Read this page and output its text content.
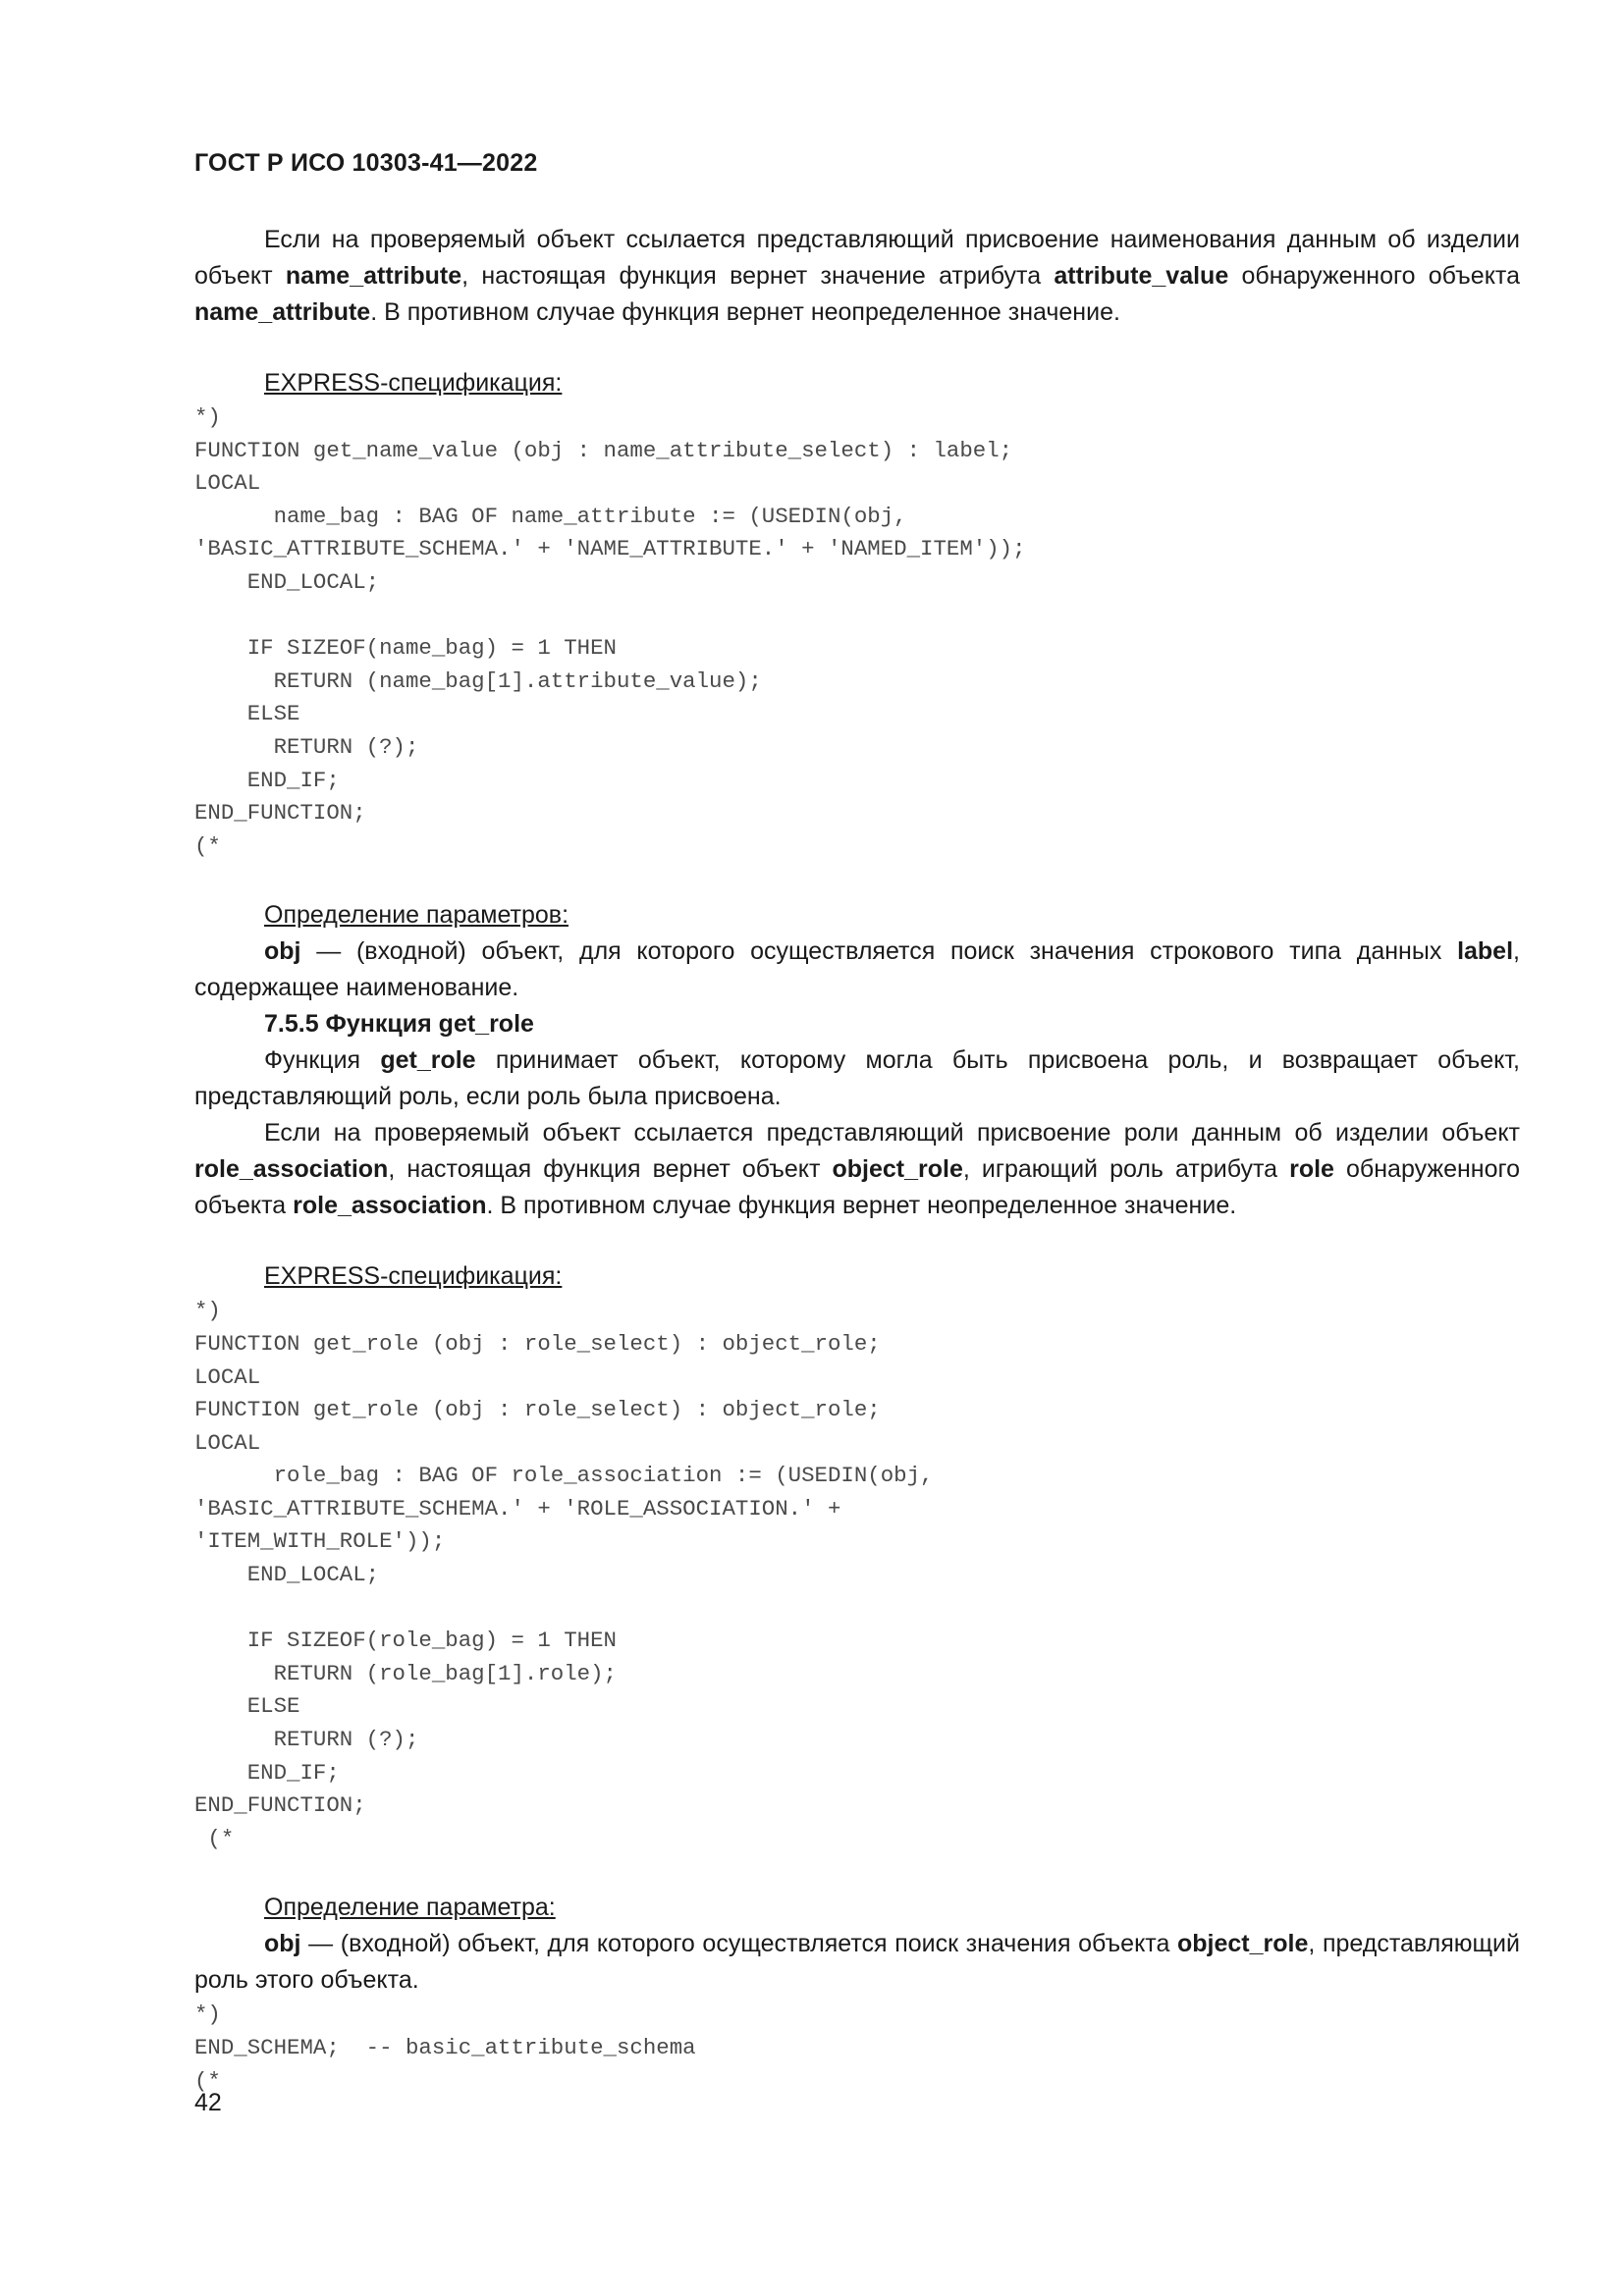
ГОСТ Р ИСО 10303-41—2022

Если на проверяемый объект ссылается представляющий присвоение наименования данным об изделии объект name_attribute, настоящая функция вернет значение атрибута attribute_value обнаруженного объекта name_attribute. В противном случае функция вернет неопределенное значение.

EXPRESS-спецификация:

*)
FUNCTION get_name_value (obj : name_attribute_select) : label;
LOCAL
name_bag : BAG OF name_attribute := (USEDIN(obj,
'BASIC_ATTRIBUTE_SCHEMA.' + 'NAME_ATTRIBUTE.' + 'NAMED_ITEM'));
END_LOCAL;

IF SIZEOF(name_bag) = 1 THEN
RETURN (name_bag[1].attribute_value);
ELSE
RETURN (?);
END_IF;
END_FUNCTION;
(*

Определение параметров:

obj — (входной) объект, для которого осуществляется поиск значения строкового типа данных label, содержащее наименование.

7.5.5 Функция get_role

Функция get_role принимает объект, которому могла быть присвоена роль, и возвращает объект, представляющий роль, если роль была присвоена.

Если на проверяемый объект ссылается представляющий присвоение роли данным об изделии объект role_association, настоящая функция вернет объект object_role, играющий роль атрибута role обнаруженного объекта role_association. В противном случае функция вернет неопределенное значение.

EXPRESS-спецификация:

*)
FUNCTION get_role (obj : role_select) : object_role;
LOCAL
FUNCTION get_role (obj : role_select) : object_role;
LOCAL
role_bag : BAG OF role_association := (USEDIN(obj,
'BASIC_ATTRIBUTE_SCHEMA.' + 'ROLE_ASSOCIATION.' +
'ITEM_WITH_ROLE'));
END_LOCAL;

IF SIZEOF(role_bag) = 1 THEN
RETURN (role_bag[1].role);
ELSE
RETURN (?);
END_IF;
END_FUNCTION;
(*

Определение параметра:

obj — (входной) объект, для которого осуществляется поиск значения объекта object_role, представляющий роль этого объекта.

*)
END_SCHEMA;  -- basic_attribute_schema
(*
42
